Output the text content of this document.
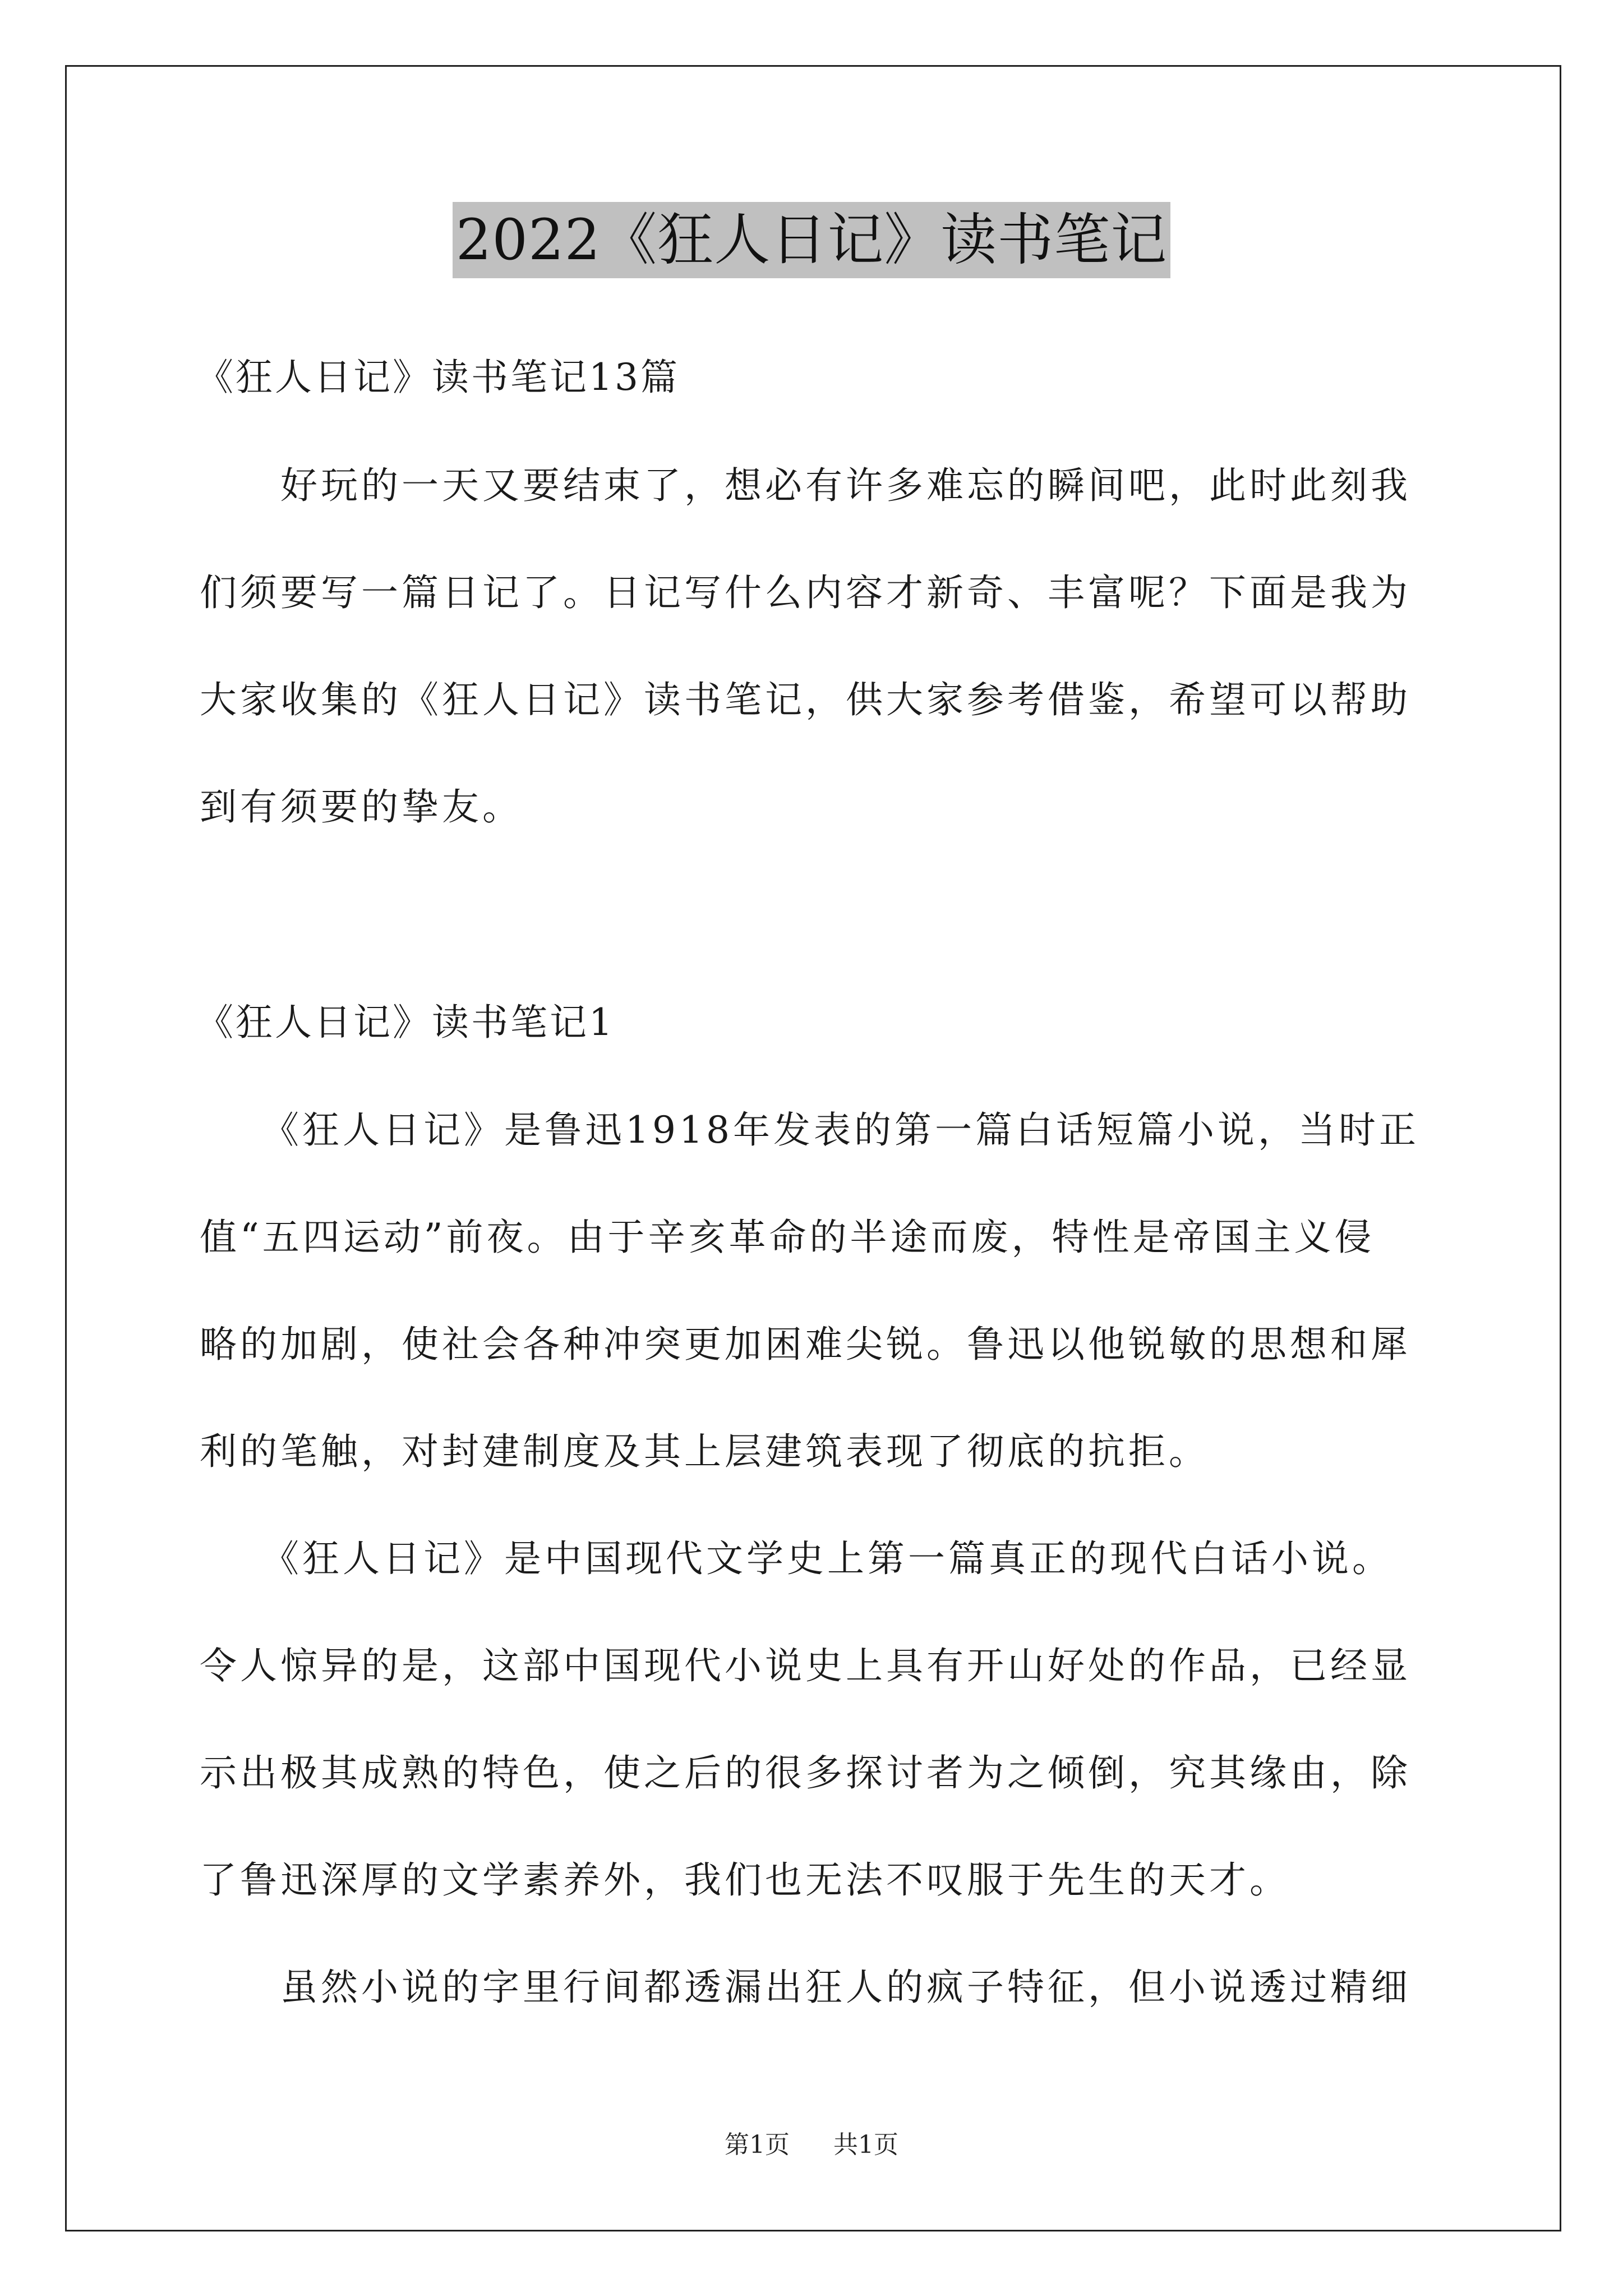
2022《狂人日记》读书笔记
《狂人日记》读书笔记13篇
　　好玩的一天又要结束了，想必有许多难忘的瞬间吧，此时此刻我
们须要写一篇日记了。日记写什么内容才新奇、丰富呢？下面是我为
大家收集的《狂人日记》读书笔记，供大家参考借鉴，希望可以帮助
到有须要的挚友。
《狂人日记》读书笔记1
　　《狂人日记》是鲁迅1918年发表的第一篇白话短篇小说，当时正
值“五四运动”前夜。由于辛亥革命的半途而废，特性是帝国主义侵
略的加剧，使社会各种冲突更加困难尖锐。鲁迅以他锐敏的思想和犀
利的笔触，对封建制度及其上层建筑表现了彻底的抗拒。
　　《狂人日记》是中国现代文学史上第一篇真正的现代白话小说。
令人惊异的是，这部中国现代小说史上具有开山好处的作品，已经显
示出极其成熟的特色，使之后的很多探讨者为之倾倒，究其缘由，除
了鲁迅深厚的文学素养外，我们也无法不叹服于先生的天才。
　　虽然小说的字里行间都透漏出狂人的疯子特征，但小说透过精细
第1页 共1页
